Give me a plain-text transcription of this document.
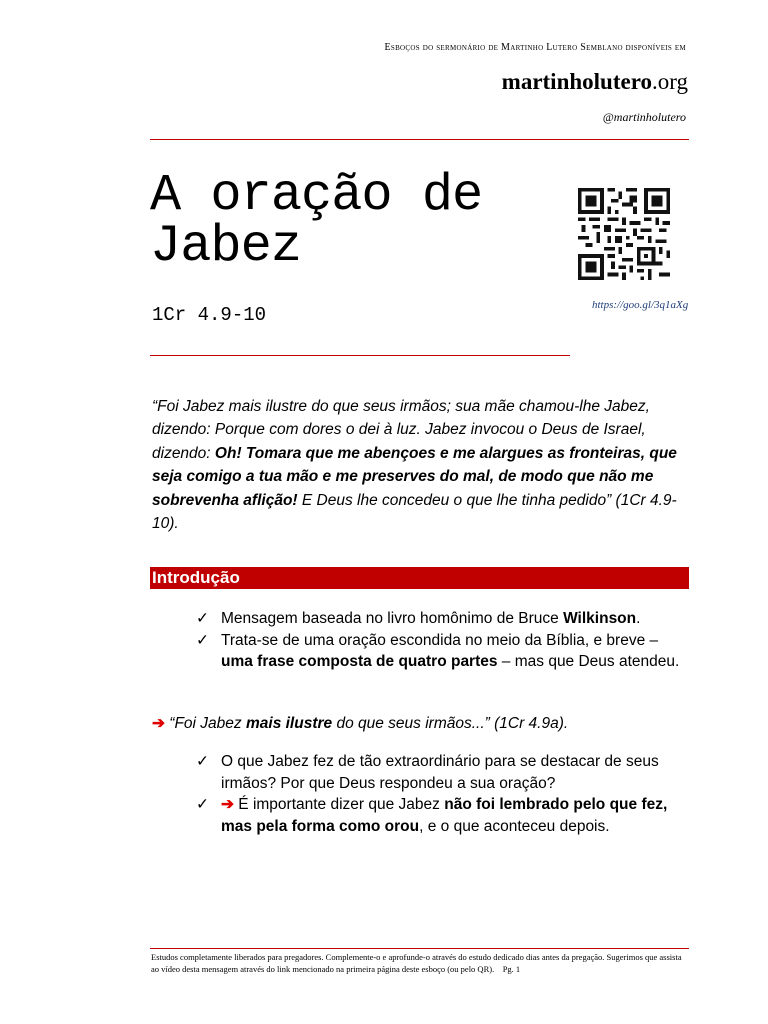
Esboços do sermonário de Martinho Lutero Semblano disponíveis em
martinholutero.org
@martinholutero
A oração de
Jabez
1Cr 4.9-10	https://goo.gl/3q1aXg

“Foi Jabez mais ilustre do que seus irmãos; sua mãe chamou-lhe Jabez, dizendo: Porque com dores o dei à luz. Jabez invocou o Deus de Israel, dizendo: Oh! Tomara que me abençoes e me alargues as fronteiras, que seja comigo a tua mão e me preserves do mal, de modo que não me sobrevenha aflição! E Deus lhe concedeu o que lhe tinha pedido” (1Cr 4.9-10).

Introdução
✓ Mensagem baseada no livro homônimo de Bruce Wilkinson.
✓ Trata-se de uma oração escondida no meio da Bíblia, e breve – uma frase composta de quatro partes – mas que Deus atendeu.
➔ “Foi Jabez mais ilustre do que seus irmãos...” (1Cr 4.9a).
✓ O que Jabez fez de tão extraordinário para se destacar de seus irmãos? Por que Deus respondeu a sua oração?
✓ ➔ É importante dizer que Jabez não foi lembrado pelo que fez, mas pela forma como orou, e o que aconteceu depois.

Estudos completamente liberados para pregadores. Complemente-o e aprofunde-o através do estudo dedicado dias antes da pregação. Sugerimos que assista ao vídeo desta mensagem através do link mencionado na primeira página deste esboço (ou pelo QR). Pg. 1
